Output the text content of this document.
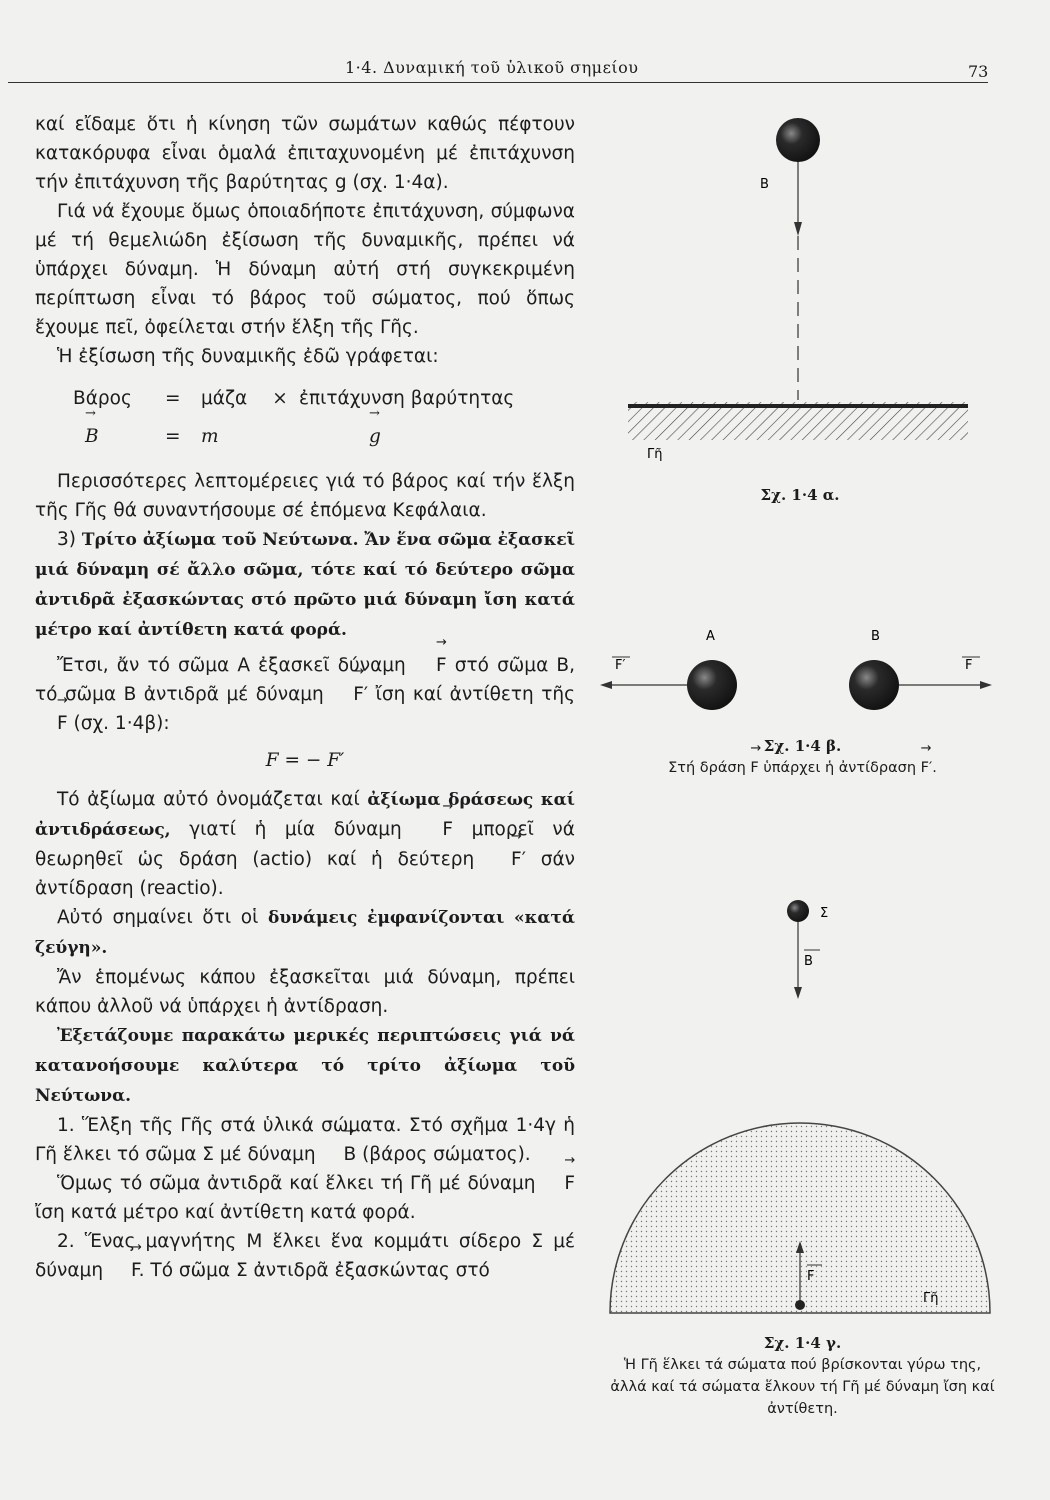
1·4. Δυναμική τοῦ ὑλικοῦ σημείου	73

καί εἴδαμε ὅτι ἡ κίνηση τῶν σωμάτων καθώς πέφτουν κατακόρυφα εἶναι ὁμαλά ἐπιταχυνομένη μέ ἐπιτάχυνση τήν ἐπιτάχυνση τῆς βαρύτητας g (σχ. 1·4α).

Γιά νά ἔχουμε ὅμως ὁποιαδήποτε ἐπιτάχυνση, σύμφωνα μέ τή θεμελιώδη ἐξίσωση τῆς δυναμικῆς, πρέπει νά ὑπάρχει δύναμη. Ἡ δύναμη αὐτή στή συγκεκριμένη περίπτωση εἶναι τό βάρος τοῦ σώματος, πού ὅπως ἔχουμε πεῖ, ὀφείλεται στήν ἕλξη τῆς Γῆς.

Ἡ ἐξίσωση τῆς δυναμικῆς ἐδῶ γράφεται:

Βάρος	=	μάζα	× ἐπιτάχυνση βαρύτητας
→ B	=	m	→ g

Περισσότερες λεπτομέρειες γιά τό βάρος καί τήν ἕλξη τῆς Γῆς θά συναντήσουμε σέ ἑπόμενα Κεφάλαια.

3) Τρίτο ἀξίωμα τοῦ Νεύτωνα. Ἄν ἕνα σῶμα ἐξασκεῖ μιά δύναμη σέ ἄλλο σῶμα, τότε καί τό δεύτερο σῶμα ἀντιδρᾶ ἐξασκώντας στό πρῶτο μιά δύναμη ἴση κατά μέτρο καί ἀντίθετη κατά φορά.

Ἔτσι, ἄν τό σῶμα Α ἐξασκεῖ δύναμη → F στό σῶμα Β, τό σῶμα Β ἀντιδρᾶ μέ δύναμη → F′ ἴση καί ἀντίθετη τῆς → F (σχ. 1·4β):

F = − F′

Τό ἀξίωμα αὐτό ὀνομάζεται καί ἀξίωμα δράσεως καί ἀντιδράσεως, γιατί ἡ μία δύναμη → F μπορεῖ νά θεωρηθεῖ ὡς δράση (actio) καί ἡ δεύτερη → F′ σάν ἀντίδραση (reactio).

Αὐτό σημαίνει ὅτι οἱ δυνάμεις ἐμφανίζονται «κατά ζεύγη».

Ἄν ἑπομένως κάπου ἐξασκεῖται μιά δύναμη, πρέπει κάπου ἀλλοῦ νά ὑπάρχει ἡ ἀντίδραση.

Ἐξετάζουμε παρακάτω μερικές περιπτώσεις γιά νά κατανοήσουμε καλύτερα τό τρίτο ἀξίωμα τοῦ Νεύτωνα.

1. Ἕλξη τῆς Γῆς στά ὑλικά σώματα. Στό σχῆμα 1·4γ ἡ Γῆ ἕλκει τό σῶμα Σ μέ δύναμη → B (βάρος σώματος).

Ὅμως τό σῶμα ἀντιδρᾶ καί ἕλκει τή Γῆ μέ δύναμη → F ἴση κατά μέτρο καί ἀντίθετη κατά φορά.

2. Ἕνας μαγνήτης Μ ἕλκει ἕνα κομμάτι σίδερο Σ μέ δύναμη → F. Τό σῶμα Σ ἀντιδρᾶ ἐξασκώντας στό

B
Γῆ
Σχ. 1·4 α.
A	B
F′	F
Σχ. 1·4 β.
Στή δράση → F ὑπάρχει ἡ ἀντίδραση → F′.
Σ
B
F
Γῆ
Σχ. 1·4 γ.
Ἡ Γῆ ἕλκει τά σώματα πού βρίσκονται γύρω της, ἀλλά καί τά σώματα ἕλκουν τή Γῆ μέ δύναμη ἴση καί ἀντίθετη.
